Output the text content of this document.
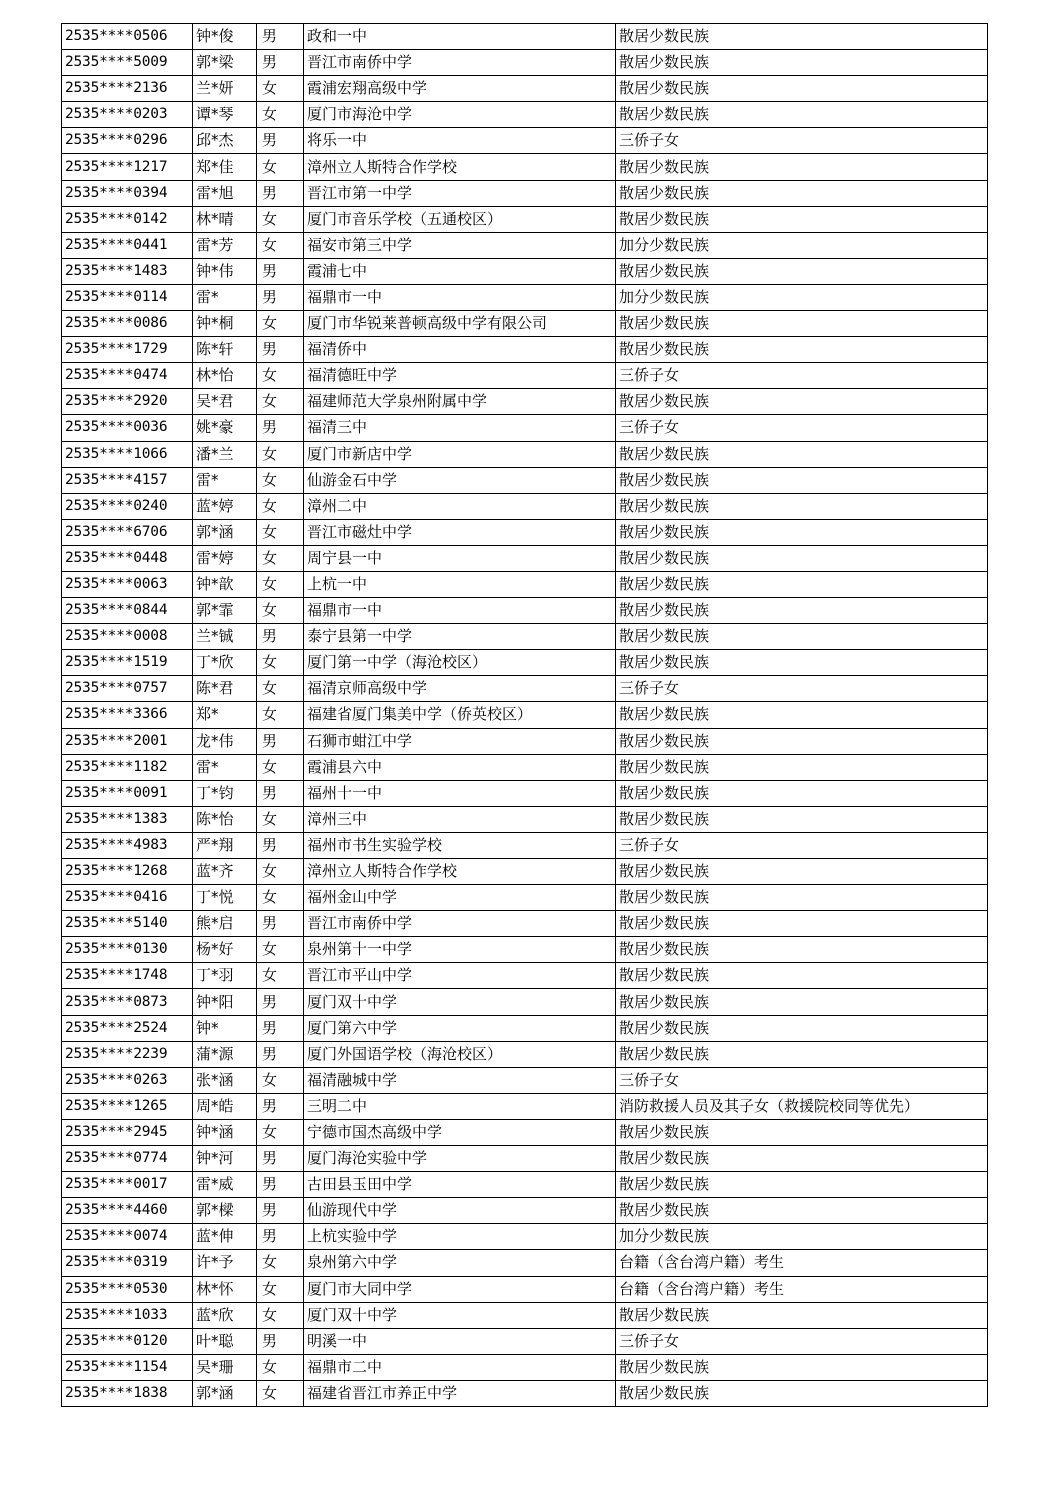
2535****0506	钟*俊	男	政和一中	散居少数民族
2535****5009	郭*梁	男	晋江市南侨中学	散居少数民族
2535****2136	兰*妍	女	霞浦宏翔高级中学	散居少数民族
2535****0203	谭*琴	女	厦门市海沧中学	散居少数民族
2535****0296	邱*杰	男	将乐一中	三侨子女
2535****1217	郑*佳	女	漳州立人斯特合作学校	散居少数民族
2535****0394	雷*旭	男	晋江市第一中学	散居少数民族
2535****0142	林*晴	女	厦门市音乐学校（五通校区）	散居少数民族
2535****0441	雷*芳	女	福安市第三中学	加分少数民族
2535****1483	钟*伟	男	霞浦七中	散居少数民族
2535****0114	雷*	男	福鼎市一中	加分少数民族
2535****0086	钟*桐	女	厦门市华锐莱普顿高级中学有限公司	散居少数民族
2535****1729	陈*轩	男	福清侨中	散居少数民族
2535****0474	林*怡	女	福清德旺中学	三侨子女
2535****2920	吴*君	女	福建师范大学泉州附属中学	散居少数民族
2535****0036	姚*豪	男	福清三中	三侨子女
2535****1066	潘*兰	女	厦门市新店中学	散居少数民族
2535****4157	雷*	女	仙游金石中学	散居少数民族
2535****0240	蓝*婷	女	漳州二中	散居少数民族
2535****6706	郭*涵	女	晋江市磁灶中学	散居少数民族
2535****0448	雷*婷	女	周宁县一中	散居少数民族
2535****0063	钟*歆	女	上杭一中	散居少数民族
2535****0844	郭*霏	女	福鼎市一中	散居少数民族
2535****0008	兰*铖	男	泰宁县第一中学	散居少数民族
2535****1519	丁*欣	女	厦门第一中学（海沧校区）	散居少数民族
2535****0757	陈*君	女	福清京师高级中学	三侨子女
2535****3366	郑*	女	福建省厦门集美中学（侨英校区）	散居少数民族
2535****2001	龙*伟	男	石狮市蚶江中学	散居少数民族
2535****1182	雷*	女	霞浦县六中	散居少数民族
2535****0091	丁*钧	男	福州十一中	散居少数民族
2535****1383	陈*怡	女	漳州三中	散居少数民族
2535****4983	严*翔	男	福州市书生实验学校	三侨子女
2535****1268	蓝*齐	女	漳州立人斯特合作学校	散居少数民族
2535****0416	丁*悦	女	福州金山中学	散居少数民族
2535****5140	熊*启	男	晋江市南侨中学	散居少数民族
2535****0130	杨*好	女	泉州第十一中学	散居少数民族
2535****1748	丁*羽	女	晋江市平山中学	散居少数民族
2535****0873	钟*阳	男	厦门双十中学	散居少数民族
2535****2524	钟*	男	厦门第六中学	散居少数民族
2535****2239	蒲*源	男	厦门外国语学校（海沧校区）	散居少数民族
2535****0263	张*涵	女	福清融城中学	三侨子女
2535****1265	周*皓	男	三明二中	消防救援人员及其子女（救援院校同等优先）
2535****2945	钟*涵	女	宁德市国杰高级中学	散居少数民族
2535****0774	钟*河	男	厦门海沧实验中学	散居少数民族
2535****0017	雷*威	男	古田县玉田中学	散居少数民族
2535****4460	郭*樑	男	仙游现代中学	散居少数民族
2535****0074	蓝*伸	男	上杭实验中学	加分少数民族
2535****0319	许*予	女	泉州第六中学	台籍（含台湾户籍）考生
2535****0530	林*怀	女	厦门市大同中学	台籍（含台湾户籍）考生
2535****1033	蓝*欣	女	厦门双十中学	散居少数民族
2535****0120	叶*聪	男	明溪一中	三侨子女
2535****1154	吴*珊	女	福鼎市二中	散居少数民族
2535****1838	郭*涵	女	福建省晋江市养正中学	散居少数民族
